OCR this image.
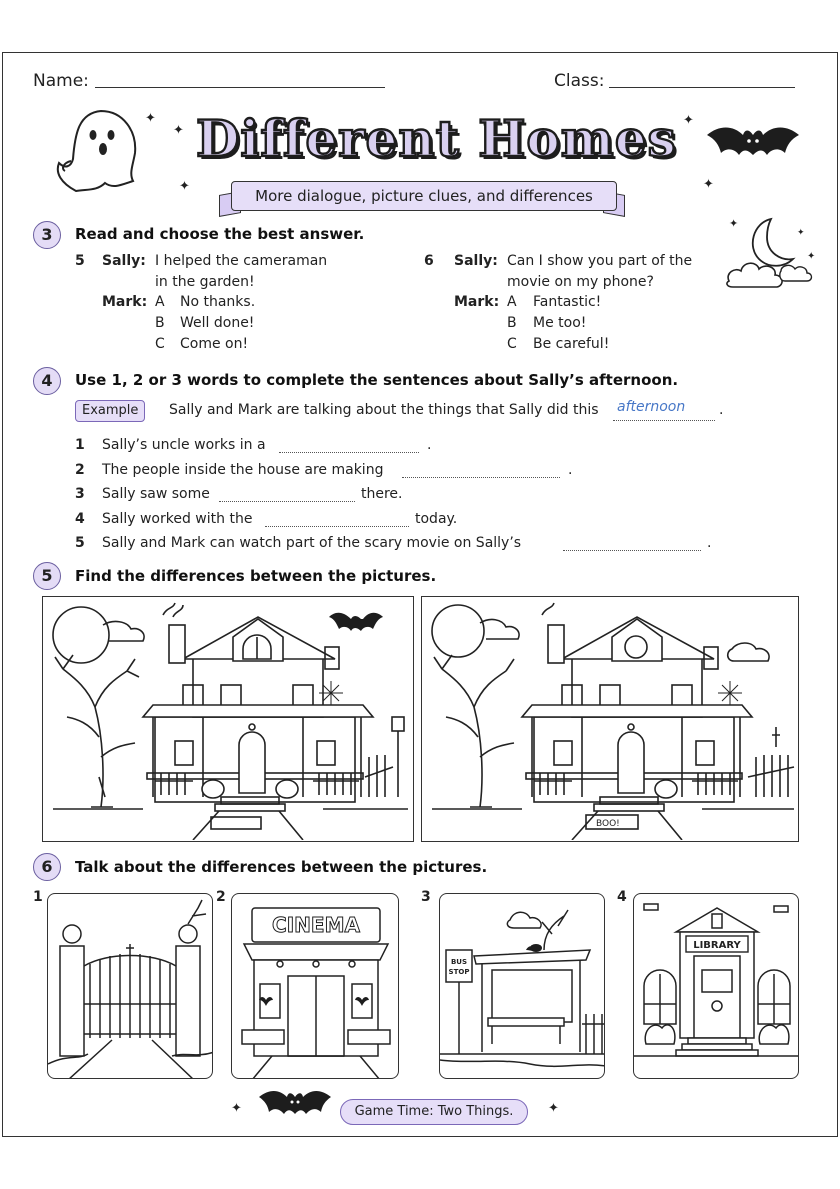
Name:	Class:
✦
✦
✦
Different Homes ✦
More dialogue, picture clues, and differences
✦
✦
✦
✦
3	Read and choose the best answer.
5 Sally: I helped the cameraman
in the garden!
Mark: A No thanks.
B Well done!
C Come on!
6 Sally: Can I show you part of the
movie on my phone?
Mark: A Fantastic!
B Me too!
C Be careful!
4	Use 1, 2 or 3 words to complete the sentences about Sally’s afternoon.
Example	Sally and Mark are talking about the things that Sally did this afternoon .
1 Sally’s uncle works in a	.
2 The people inside the house are making	.
3 Sally saw some	there.
4 Sally worked with the	today.
5 Sally and Mark can watch part of the scary movie on Sally’s	.
5	Find the differences between the pictures.
BOO!
6	Talk about the differences between the pictures.
1	2
CINEMA
3
BUS
STOP
4
LIBRARY
✦	Game Time: Two Things.	✦
